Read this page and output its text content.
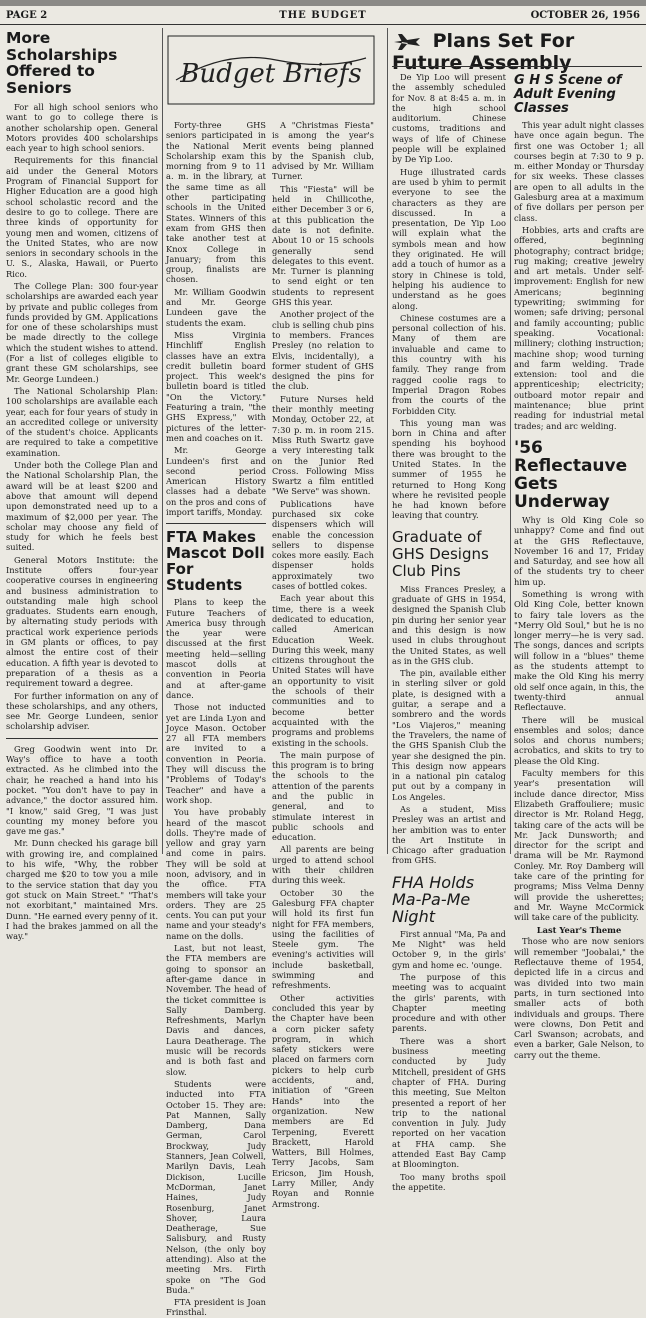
THE BUDGET
PAGE 2	OCTOBER 26, 1956
More Scholarships Offered to Seniors

For all high school seniors who want to go to college there is another scholarship open. General Motors provides 400 scholarships each year to high school seniors.

Requirements for this financial aid under the General Motors Program of Financial Support for Higher Education are a good high school scholastic record and the desire to go to college. There are three kinds of opportunity for young men and women, citizens of the United States, who are now seniors in secondary schools in the U. S., Alaska, Hawaii, or Puerto Rico.

The College Plan: 300 four-year scholarships are awarded each year by private and public colleges from funds provided by GM. Applications for one of these scholarships must be made directly to the college which the student wishes to attend. (For a list of colleges eligible to grant these GM scholarships, see Mr. George Lundeen.)

The National Scholarship Plan: 100 scholarships are available each year, each for four years of study in an accredited college or university of the student's choice. Applicants are required to take a competitive examination.

Under both the College Plan and the National Scholarship Plan, the award will be at least $200 and above that amount will depend upon demonstrated need up to a maximum of $2,000 per year. The scholar may choose any field of study for which he feels best suited.

General Motors Institute: the Institute offers four-year cooperative courses in engineering and business administration to outstanding male high school graduates. Students earn enough, by alternating study periods with practical work experience periods in GM plants or offices, to pay almost the entire cost of their education. A fifth year is devoted to preparation of a thesis as a requirement toward a degree.

For further information on any of these scholarships, and any others, see Mr. George Lundeen, senior scholarship adviser.

Greg Goodwin went into Dr. Way's office to have a tooth extracted. As he climbed into the chair, he reached a hand into his pocket. "You don't have to pay in advance," the doctor assured him. "I know," said Greg, "I was just counting my money before you gave me gas."

Mr. Dunn checked his garage bill with growing ire, and complained to his wife, "Why, the robber charged me $20 to tow you a mile to the service station that day you got stuck on Main Street." "That's not exorbitant," maintained Mrs. Dunn. "He earned every penny of it. I had the brakes jammed on all the way."

Budget Briefs

Forty-three GHS seniors participated in the National Merit Scholarship exam this morning from 9 to 11 a. m. in the library, at the same time as all other participating schools in the United States. Winners of this exam from GHS then take another test at Knox College in January; from this group, finalists are chosen.

Mr. William Goodwin and Mr. George Lundeen gave the students the exam.

Miss Virginia Hinchliff English classes have an extra credit bulletin board project. This week's bulletin board is titled "On the Victory." Featuring a train, "the GHS Express," with pictures of the letter-men and coaches on it.

Mr. George Lundeen's first and second period American History classes had a debate on the pros and cons of import tariffs, Monday.

FTA Makes Mascot Doll For Students

Plans to keep the Future Teachers of America busy through the year were discussed at the first meeting held—selling mascot dolls at convention in Peoria and at after-game dance.

Those not inducted yet are Linda Lyon and Joyce Mason. October 27 all FTA members are invited to a convention in Peoria. They will discuss the "Problems of Today's Teacher" and have a work shop.

You have probably heard of the mascot dolls. They're made of yellow and gray yarn and come in pairs. They will be sold at noon, advisory, and in the office. FTA members will take your orders. They are 25 cents. You can put your name and your steady's name on the dolls.

Last, but not least, the FTA members are going to sponsor an after-game dance in November. The head of the ticket committee is Sally Damberg. Refreshments, Marlyn Davis and dances, Laura Deatherage. The music will be records and is both fast and slow.

Students were inducted into FTA October 15. They are: Pat Mannen, Sally Damberg, Dana German, Carol Brockway, Judy Stanners, Jean Colwell, Marilyn Davis, Leah Dickison, Lucille McDorman, Janet Haines, Judy Rosenburg, Janet Shover, Laura Deatherage, Sue Salisbury, and Rusty Nelson, (the only boy attending). Also at the meeting Mrs. Firth spoke on "The God Buda."

FTA president is Joan Frinsthal.

A "Christmas Fiesta" is among the year's events being planned by the Spanish club, advised by Mr. William Turner.

This "Fiesta" will be held in Chillicothe, either December 3 or 6, at this publication the date is not definite. About 10 or 15 schools generally send delegates to this event. Mr. Turner is planning to send eight or ten students to represent GHS this year.

Another project of the club is selling chub pins to members. Frances Presley (no relation to Elvis, incidentally), a former student of GHS designed the pins for the club.

Future Nurses held their monthly meeting Monday, October 22, at 7:30 p. m. in room 215. Miss Ruth Swartz gave a very interesting talk on the Junior Red Cross. Following Miss Swartz a film entitled "We Serve" was shown.

Publications have purchased six coke dispensers which will enable the concession sellers to dispense cokes more easily. Each dispenser holds approximately two cases of bottled cokes.

Each year about this time, there is a week dedicated to education, called American Education Week. During this week, many citizens throughout the United States will have an opportunity to visit the schools of their communities and to become better acquainted with the programs and problems existing in the schools.

The main purpose of this program is to bring the schools to the attention of the parents and the public in general, and to stimulate interest in public schools and education.

All parents are being urged to attend school with their children during this week.

October 30 the Galesburg FFA chapter will hold its first fun night for FFA members, using the facilities of Steele gym. The evening's activities will include basketball, swimming and refreshments.

Other activities concluded this year by the Chapter have been a corn picker safety program, in which safety stickers were placed on farmers corn pickers to help curb accidents, and, initiation of "Green Hands" into the organization. New members are Ed Terpening, Everett Brackett, Harold Watters, Bill Holmes, Terry Jacobs, Sam Ericson, Jim Housh, Larry Miller, Andy Royan and Ronnie Armstrong.

Plans Set For Future Assembly

De Yip Loo will present the assembly scheduled for Nov. 8 at 8:45 a. m. in the high school auditorium. Chinese customs, traditions and ways of life of Chinese people will be explained by De Yip Loo.

Huge illustrated cards are used b yhim to permit everyone to see the characters as they are discussed. In a presentation, De Yip Loo will explain what the symbols mean and how they originated. He will add a touch of humor as a story in Chinese is told, helping his audience to understand as he goes along.

Chinese costumes are a personal collection of his. Many of them are invaluable and came to this country with his family. They range from ragged coolie rags to Imperial Dragon Robes from the courts of the Forbidden City.

This young man was born in China and after spending his boyhood there was brought to the United States. In the summer of 1955 he returned to Hong Kong where he revisited people he had known before leaving that country.

Graduate of GHS Designs Club Pins

Miss Frances Presley, a graduate of GHS in 1954, designed the Spanish Club pin during her senior year and this design is now used in clubs throughout the United States, as well as in the GHS club.

The pin, available either in sterling silver or gold plate, is designed with a guitar, a serape and a sombrero and the words "Los Viajeros," meaning the Travelers, the name of the GHS Spanish Club the year she designed the pin. This design now appears in a national pin catalog put out by a company in Los Angeles.

As a student, Miss Presley was an artist and her ambition was to enter the Art Institute in Chicago after graduation from GHS.

FHA Holds Ma-Pa-Me Night

First annual "Ma, Pa and Me Night" was held October 9, in the girls' gym and home ec. 'ounge.

The purpose of this meeting was to acquaint the girls' parents, with Chapter meeting procedure and with other parents.

There was a short business meeting conducted by Judy Mitchell, president of GHS chapter of FHA. During this meeting, Sue Melton presented a report of her trip to the national convention in July. Judy reported on her vacation at FHA camp. She attended East Bay Camp at Bloomington.

Too many broths spoil the appetite.

G H S Scene of Adult Evening Classes

This year adult night classes have once again begun. The first one was October 1; all courses begin at 7:30 to 9 p. m. either Monday or Thursday for six weeks. These classes are open to all adults in the Galesburg area at a maximum of five dollars per person per class.

Hobbies, arts and crafts are offered, beginning photography; contract bridge; rug making; creative jewelry and art metals. Under self-improvement: English for new Americans; beginning typewriting; swimming for women; safe driving; personal and family accounting; public speaking. Vocational: millinery; clothing instruction; machine shop; wood turning and farm welding. Trade extension: tool and die apprenticeship; electricity; outboard motor repair and maintenance; blue print reading for industrial metal trades; and arc welding.

'56 Reflectauve Gets Underway

Why is Old King Cole so unhappy? Come and find out at the GHS Reflectauve, November 16 and 17, Friday and Saturday, and see how all of the students try to cheer him up.

Something is wrong with Old King Cole, better known to fairy tale lovers as the "Merry Old Soul," but he is no longer merry—he is very sad. The songs, dances and scripts will follow in a "blues" theme as the students attempt to make the Old King his merry old self once again, in this, the twenty-third annual Reflectauve.

There will be musical ensembles and solos; dance solos and chorus numbers; acrobatics, and skits to try to please the Old King.

Faculty members for this year's presentation will include dance director, Miss Elizabeth Graffouliere; music director is Mr. Roland Hegg, taking care of the acts will be Mr. Jack Dunsworth; and director for the script and drama will be Mr. Raymond Conley. Mr. Roy Damberg will take care of the printing for programs; Miss Velma Denny will provide the usherettes; and Mr. Wayne McCormick will take care of the publicity.

Last Year's Theme

Those who are now seniors will remember "Joobalai," the Reflectauve theme of 1954, depicted life in a circus and was divided into two main parts, in turn sectioned into smaller acts of both individuals and groups. There were clowns, Don Petit and Carl Swanson; acrobats, and even a barker, Gale Nelson, to carry out the theme.
